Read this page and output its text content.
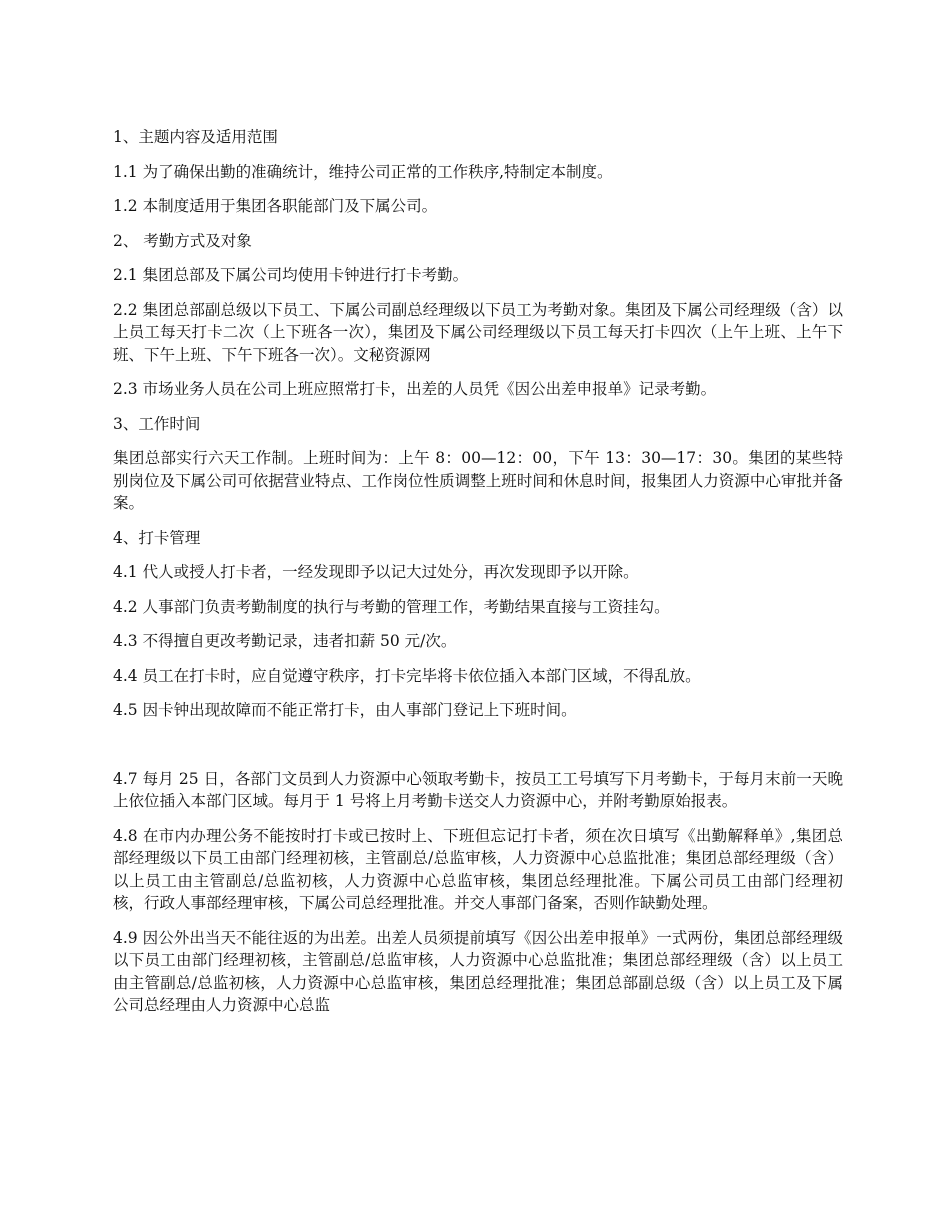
1、主题内容及适用范围

1.1 为了确保出勤的准确统计，维持公司正常的工作秩序,特制定本制度。

1.2 本制度适用于集团各职能部门及下属公司。

2、 考勤方式及对象

2.1 集团总部及下属公司均使用卡钟进行打卡考勤。

2.2 集团总部副总级以下员工、下属公司副总经理级以下员工为考勤对象。集团及下属公司经理级（含）以上员工每天打卡二次（上下班各一次），集团及下属公司经理级以下员工每天打卡四次（上午上班、上午下班、下午上班、下午下班各一次）。文秘资源网

2.3 市场业务人员在公司上班应照常打卡，出差的人员凭《因公出差申报单》记录考勤。

3、工作时间

集团总部实行六天工作制。上班时间为：上午 8：00—12：00，下午 13：30—17：30。集团的某些特别岗位及下属公司可依据营业特点、工作岗位性质调整上班时间和休息时间，报集团人力资源中心审批并备案。

4、打卡管理

4.1 代人或授人打卡者，一经发现即予以记大过处分，再次发现即予以开除。

4.2 人事部门负责考勤制度的执行与考勤的管理工作，考勤结果直接与工资挂勾。

4.3 不得擅自更改考勤记录，违者扣薪 50 元/次。

4.4 员工在打卡时，应自觉遵守秩序，打卡完毕将卡依位插入本部门区域，不得乱放。

4.5 因卡钟出现故障而不能正常打卡，由人事部门登记上下班时间。

4.7 每月 25 日，各部门文员到人力资源中心领取考勤卡，按员工工号填写下月考勤卡，于每月末前一天晚上依位插入本部门区域。每月于 1 号将上月考勤卡送交人力资源中心，并附考勤原始报表。

4.8 在市内办理公务不能按时打卡或已按时上、下班但忘记打卡者，须在次日填写《出勤解释单》,集团总部经理级以下员工由部门经理初核，主管副总/总监审核，人力资源中心总监批准；集团总部经理级（含）以上员工由主管副总/总监初核，人力资源中心总监审核，集团总经理批准。下属公司员工由部门经理初核，行政人事部经理审核，下属公司总经理批准。并交人事部门备案，否则作缺勤处理。

4.9 因公外出当天不能往返的为出差。出差人员须提前填写《因公出差申报单》一式两份，集团总部经理级以下员工由部门经理初核，主管副总/总监审核，人力资源中心总监批准；集团总部经理级（含）以上员工由主管副总/总监初核，人力资源中心总监审核，集团总经理批准；集团总部副总级（含）以上员工及下属公司总经理由人力资源中心总监
